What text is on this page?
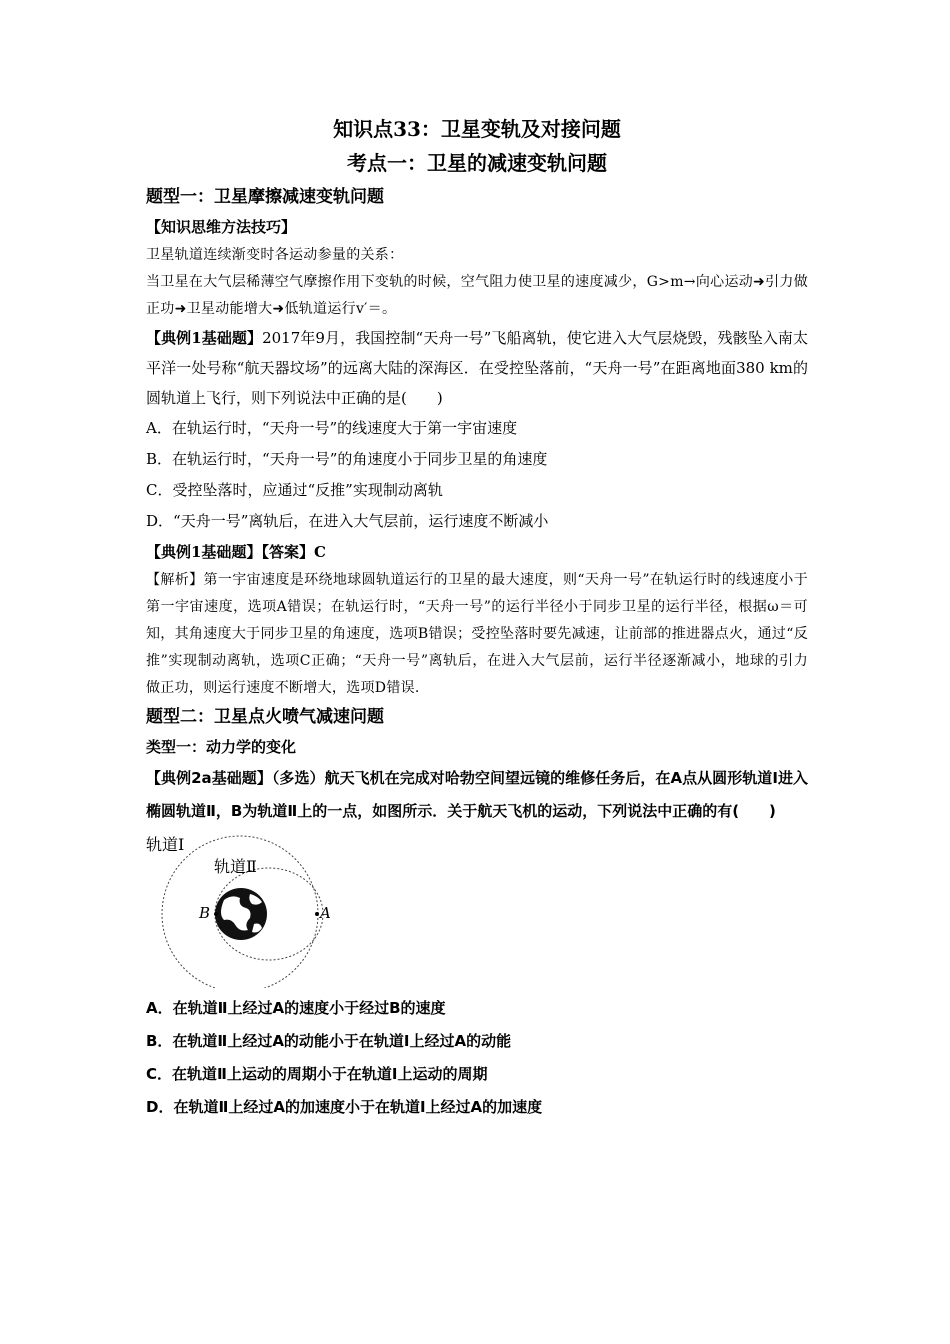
知识点33：卫星变轨及对接问题
考点一：卫星的减速变轨问题
题型一：卫星摩擦减速变轨问题

【知识思维方法技巧】

卫星轨道连续渐变时各运动参量的关系：

当卫星在大气层稀薄空气摩擦作用下变轨的时候，空气阻力使卫星的速度减少，G>m→向心运动➜引力做正功➜卫星动能增大➜低轨道运行v′＝。

【典例1基础题】2017年9月，我国控制“天舟一号”飞船离轨，使它进入大气层烧毁，残骸坠入南太平洋一处号称“航天器坟场”的远离大陆的深海区．在受控坠落前，“天舟一号”在距离地面380 km的圆轨道上飞行，则下列说法中正确的是(　　)

A．在轨运行时，“天舟一号”的线速度大于第一宇宙速度

B．在轨运行时，“天舟一号”的角速度小于同步卫星的角速度

C．受控坠落时，应通过“反推”实现制动离轨

D．“天舟一号”离轨后，在进入大气层前，运行速度不断减小

【典例1基础题】【答案】C

【解析】第一宇宙速度是环绕地球圆轨道运行的卫星的最大速度，则“天舟一号”在轨运行时的线速度小于第一宇宙速度，选项A错误；在轨运行时，“天舟一号”的运行半径小于同步卫星的运行半径，根据ω＝可知，其角速度大于同步卫星的角速度，选项B错误；受控坠落时要先减速，让前部的推进器点火，通过“反推”实现制动离轨，选项C正确；“天舟一号”离轨后，在进入大气层前，运行半径逐渐减小，地球的引力做正功，则运行速度不断增大，选项D错误.

题型二：卫星点火喷气减速问题

类型一：动力学的变化

【典例2a基础题】（多选）航天飞机在完成对哈勃空间望远镜的维修任务后，在A点从圆形轨道Ⅰ进入椭圆轨道Ⅱ，B为轨道Ⅱ上的一点，如图所示．关于航天飞机的运动，下列说法中正确的有(　　)

轨道Ⅰ
轨道Ⅱ
B	A

A．在轨道Ⅱ上经过A的速度小于经过B的速度

B．在轨道Ⅱ上经过A的动能小于在轨道Ⅰ上经过A的动能

C．在轨道Ⅱ上运动的周期小于在轨道Ⅰ上运动的周期

D．在轨道Ⅱ上经过A的加速度小于在轨道Ⅰ上经过A的加速度
